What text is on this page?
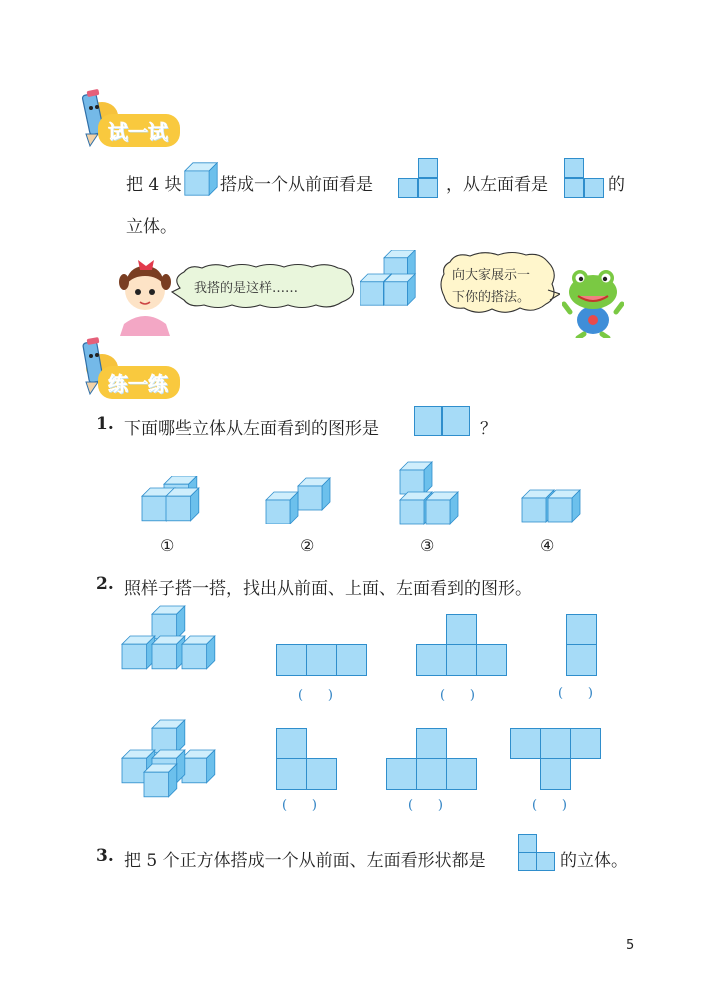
试一试
把 4 块 搭成一个从前面看是	，从左面看是	的
立体。
我搭的是这样……
向大家展示一
下你的搭法。
练一练
1. 下面哪些立体从左面看到的图形是	？
①	②	③	④
2. 照样子搭一搭，找出从前面、上面、左面看到的图形。
(      )	(      )	(      )
(      )	(      )	(      )
3. 把 5 个正方体搭成一个从前面、左面看形状都是	的立体。
5
